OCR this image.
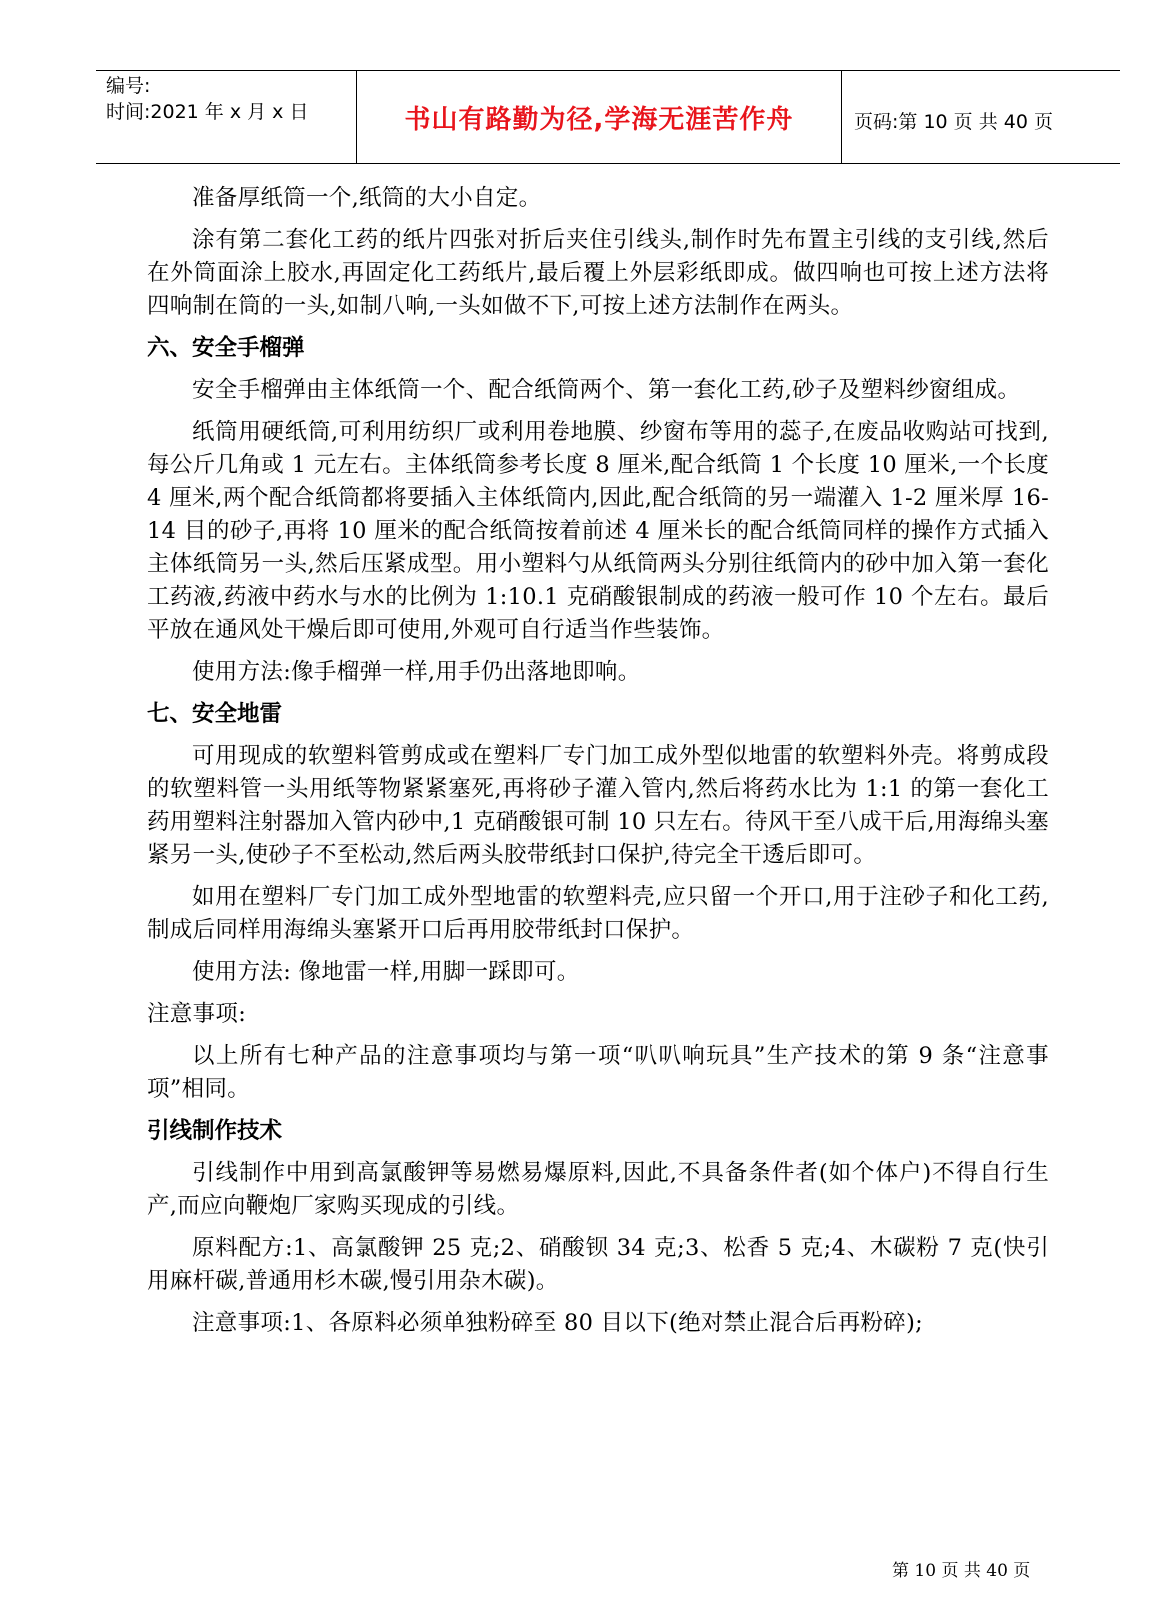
编号:
时间:2021 年 x 月 x 日	书山有路勤为径,学海无涯苦作舟	页码:第 10 页 共 40 页

准备厚纸筒一个,纸筒的大小自定。

涂有第二套化工药的纸片四张对折后夹住引线头,制作时先布置主引线的支引线,然后在外筒面涂上胶水,再固定化工药纸片,最后覆上外层彩纸即成。做四响也可按上述方法将四响制在筒的一头,如制八响,一头如做不下,可按上述方法制作在两头。

六、安全手榴弹

安全手榴弹由主体纸筒一个、配合纸筒两个、第一套化工药,砂子及塑料纱窗组成。

纸筒用硬纸筒,可利用纺织厂或利用卷地膜、纱窗布等用的蕊子,在废品收购站可找到,每公斤几角或 1 元左右。主体纸筒参考长度 8 厘米,配合纸筒 1 个长度 10 厘米,一个长度 4 厘米,两个配合纸筒都将要插入主体纸筒内,因此,配合纸筒的另一端灌入 1-2 厘米厚 16-14 目的砂子,再将 10 厘米的配合纸筒按着前述 4 厘米长的配合纸筒同样的操作方式插入主体纸筒另一头,然后压紧成型。用小塑料勺从纸筒两头分别往纸筒内的砂中加入第一套化工药液,药液中药水与水的比例为 1:10.1 克硝酸银制成的药液一般可作 10 个左右。最后平放在通风处干燥后即可使用,外观可自行适当作些装饰。

使用方法:像手榴弹一样,用手仍出落地即响。

七、安全地雷

可用现成的软塑料管剪成或在塑料厂专门加工成外型似地雷的软塑料外壳。将剪成段的软塑料管一头用纸等物紧紧塞死,再将砂子灌入管内,然后将药水比为 1:1 的第一套化工药用塑料注射器加入管内砂中,1 克硝酸银可制 10 只左右。待风干至八成干后,用海绵头塞紧另一头,使砂子不至松动,然后两头胶带纸封口保护,待完全干透后即可。

如用在塑料厂专门加工成外型地雷的软塑料壳,应只留一个开口,用于注砂子和化工药,制成后同样用海绵头塞紧开口后再用胶带纸封口保护。

使用方法: 像地雷一样,用脚一踩即可。

注意事项:

以上所有七种产品的注意事项均与第一项“叭叭响玩具”生产技术的第 9 条“注意事项”相同。

引线制作技术

引线制作中用到高氯酸钾等易燃易爆原料,因此,不具备条件者(如个体户)不得自行生产,而应向鞭炮厂家购买现成的引线。

原料配方:1、高氯酸钾 25 克;2、硝酸钡 34 克;3、松香 5 克;4、木碳粉 7 克(快引用麻杆碳,普通用杉木碳,慢引用杂木碳)。

注意事项:1、各原料必须单独粉碎至 80 目以下(绝对禁止混合后再粉碎);

第 10 页 共 40 页
